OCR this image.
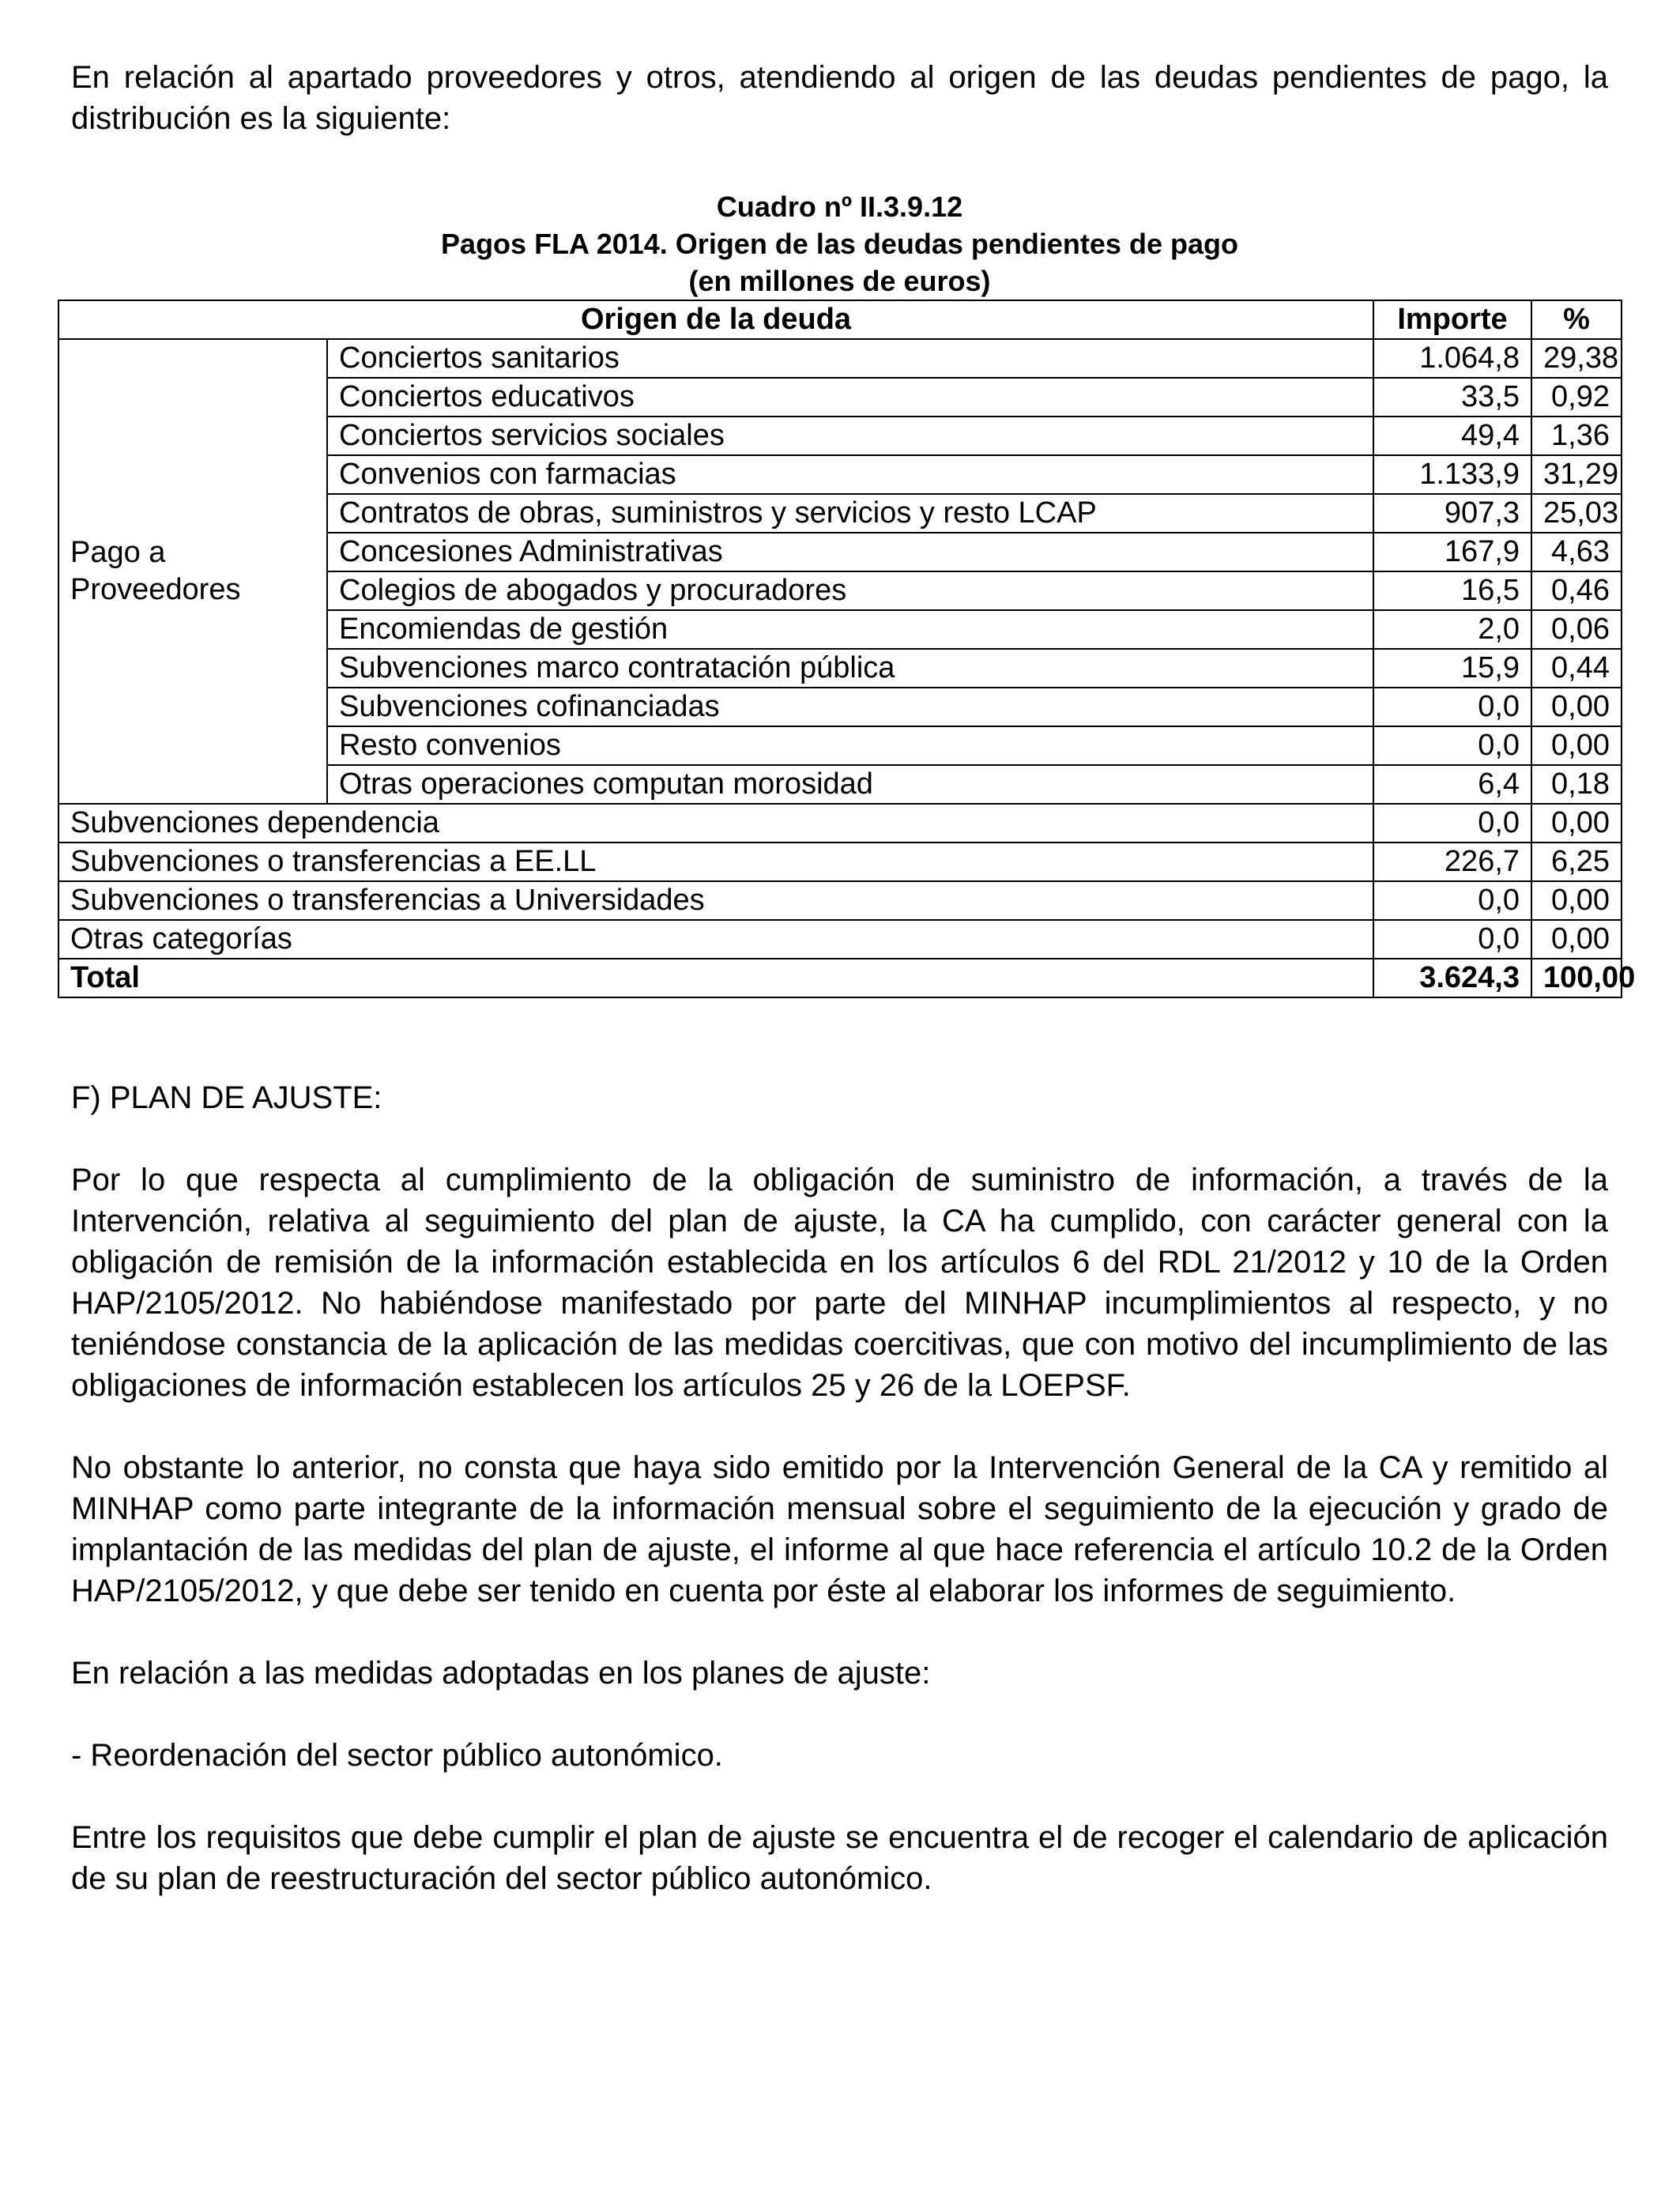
En relación al apartado proveedores y otros, atendiendo al origen de las deudas pendientes de pago, la distribución es la siguiente:

Cuadro nº II.3.9.12
Pagos FLA 2014. Origen de las deudas pendientes de pago
(en millones de euros)
Origen de la deuda		Importe	%
Pago a Proveedores	Conciertos sanitarios	1.064,8	29,38
	Conciertos educativos	33,5	0,92
	Conciertos servicios sociales	49,4	1,36
	Convenios con farmacias	1.133,9	31,29
	Contratos de obras, suministros y servicios y resto LCAP	907,3	25,03
	Concesiones Administrativas	167,9	4,63
	Colegios de abogados y procuradores	16,5	0,46
	Encomiendas de gestión	2,0	0,06
	Subvenciones marco contratación pública	15,9	0,44
	Subvenciones cofinanciadas	0,0	0,00
	Resto convenios	0,0	0,00
	Otras operaciones computan morosidad	6,4	0,18
Subvenciones dependencia		0,0	0,00
Subvenciones o transferencias a EE.LL		226,7	6,25
Subvenciones o transferencias a Universidades		0,0	0,00
Otras categorías		0,0	0,00
Total		3.624,3	100,00

F) PLAN DE AJUSTE:

Por lo que respecta al cumplimiento de la obligación de suministro de información, a través de la Intervención, relativa al seguimiento del plan de ajuste, la CA ha cumplido, con carácter general con la obligación de remisión de la información establecida en los artículos 6 del RDL 21/2012 y 10 de la Orden HAP/2105/2012. No habiéndose manifestado por parte del MINHAP incumplimientos al respecto, y no teniéndose constancia de la aplicación de las medidas coercitivas, que con motivo del incumplimiento de las obligaciones de información establecen los artículos 25 y 26 de la LOEPSF.

No obstante lo anterior, no consta que haya sido emitido por la Intervención General de la CA y remitido al MINHAP como parte integrante de la información mensual sobre el seguimiento de la ejecución y grado de implantación de las medidas del plan de ajuste, el informe al que hace referencia el artículo 10.2 de la Orden HAP/2105/2012, y que debe ser tenido en cuenta por éste al elaborar los informes de seguimiento.

En relación a las medidas adoptadas en los planes de ajuste:

- Reordenación del sector público autonómico.

Entre los requisitos que debe cumplir el plan de ajuste se encuentra el de recoger el calendario de aplicación de su plan de reestructuración del sector público autonómico.
